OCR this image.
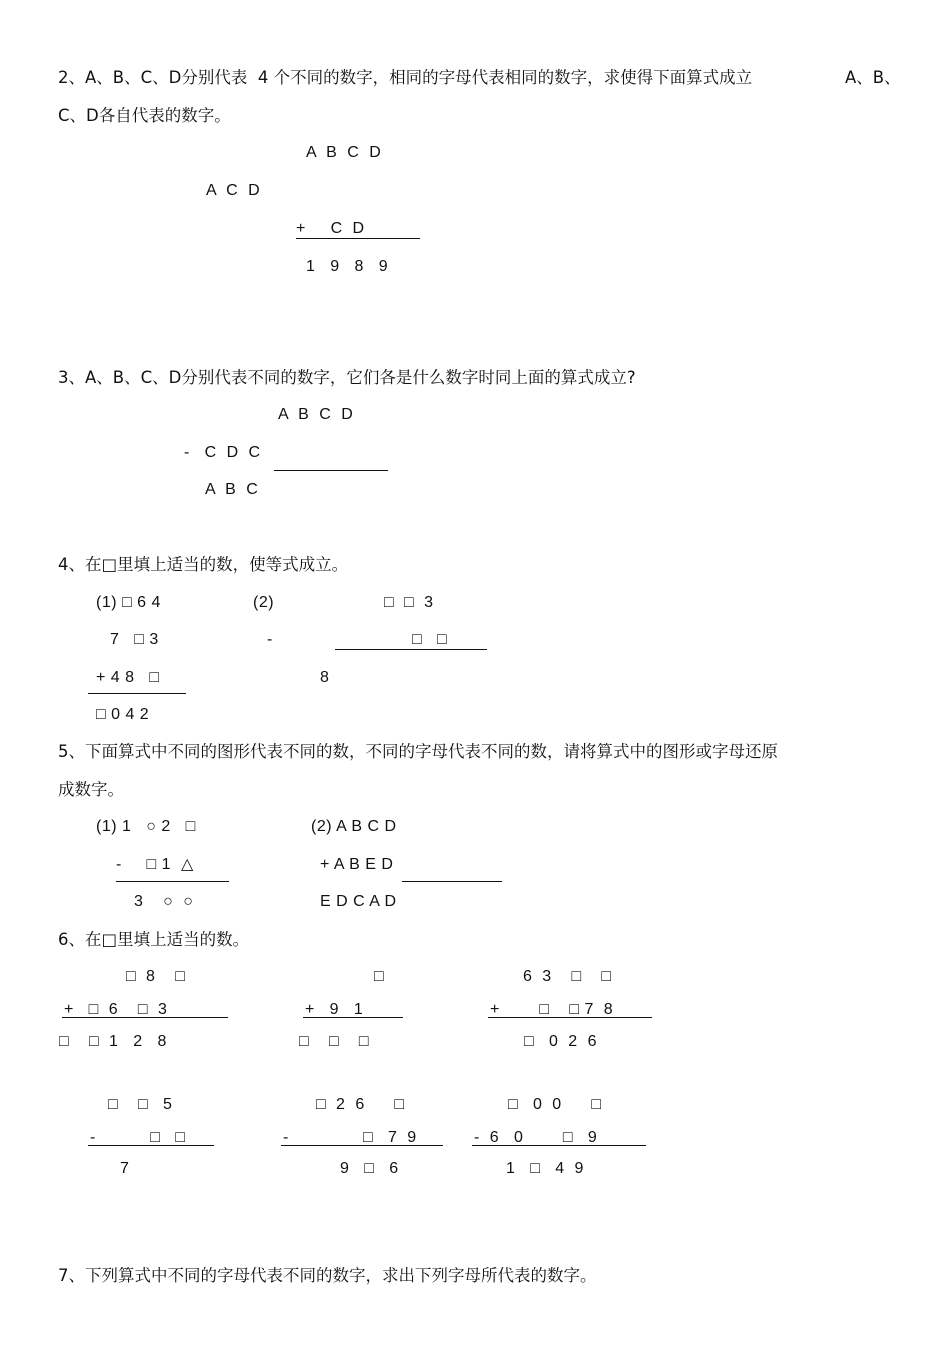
2、A、B、C、D分别代表  4 个不同的数字，相同的字母代表相同的数字，求使得下面算式成立	A、B、
C、D各自代表的数字。
A  B  C  D
A  C  D
+     C  D
1   9   8   9
3、A、B、C、D分别代表不同的数字，它们各是什么数字时同上面的算式成立?
A  B  C  D
-   C  D  C
A  B  C
4、在□里填上适当的数，使等式成立。
(1) □ 6 4
7   □ 3
+ 4 8   □
□ 0 4 2
(2)	□  □  3
-	□   □
8
5、下面算式中不同的图形代表不同的数，不同的字母代表不同的数，请将算式中的图形或字母还原
成数字。
(1) 1   ○ 2   □
-     □ 1  △
3    ○  ○
(2) A B C D
+ A B E D
E D C A D
6、在□里填上适当的数。
□  8    □
+   □  6    □  3
□    □  1   2   8
□
+   9   1
□    □    □
6  3    □    □
+        □    □ 7  8
□   0  2  6
□    □   5
-           □   □
7
□  2  6      □
-               □   7  9
9   □   6
□   0  0      □
-  6   0        □   9
1   □   4  9
7、下列算式中不同的字母代表不同的数字，求出下列字母所代表的数字。
